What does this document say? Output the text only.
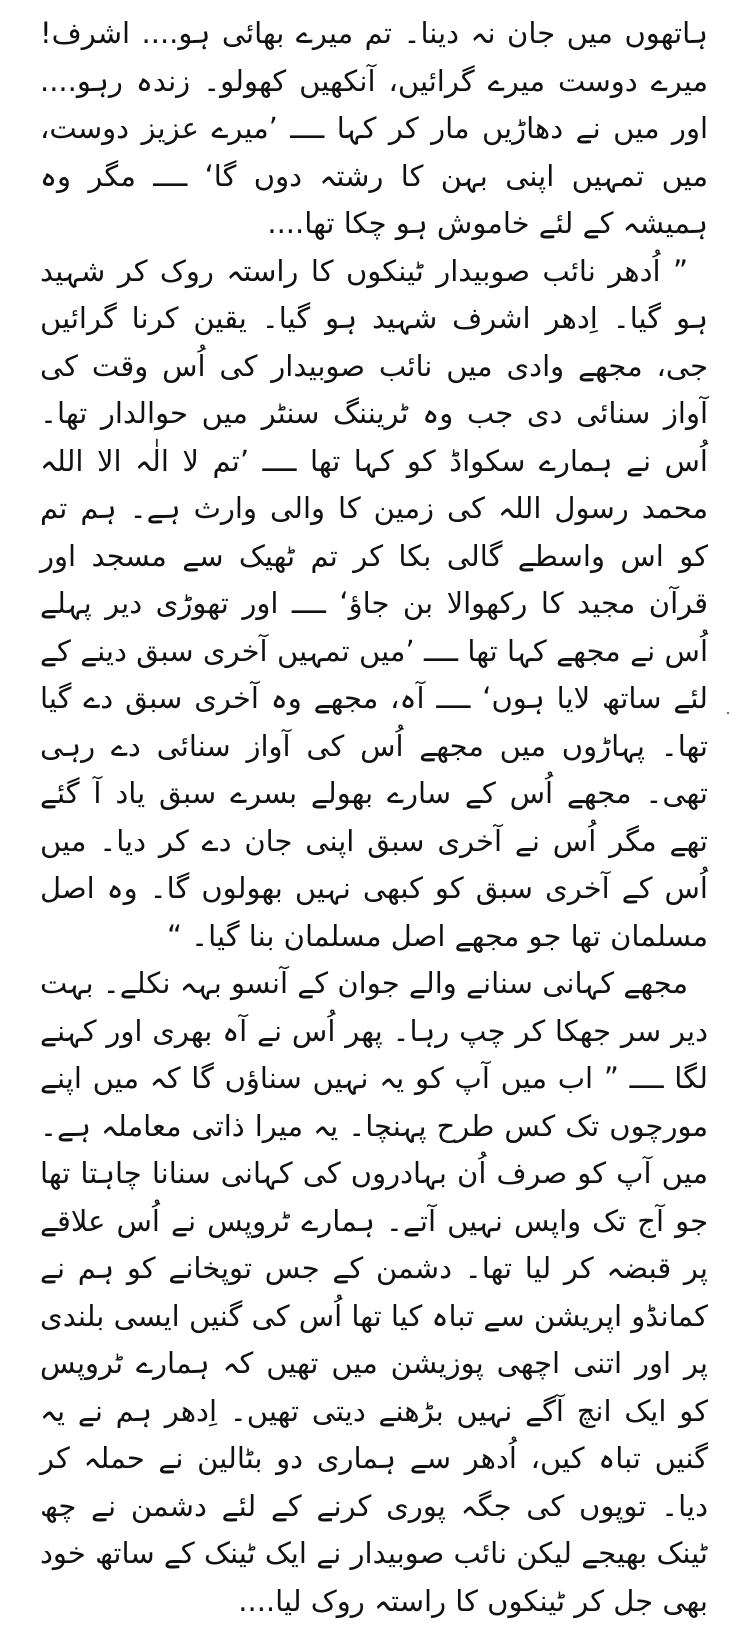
ہاتھوں میں جان نہ دینا۔ تم میرے بھائی ہو.... اشرف! میرے دوست میرے گرائیں، آنکھیں کھولو۔ زندہ رہو.... اور میں نے دھاڑیں مار کر کہا ــــ ’میرے عزیز دوست، میں تمہیں اپنی بہن کا رشتہ دوں گا‘ ــــ مگر وہ ہمیشہ کے لئے خاموش ہو چکا تھا....

” اُدھر نائب صوبیدار ٹینکوں کا راستہ روک کر شہید ہو گیا۔ اِدھر اشرف شہید ہو گیا۔ یقین کرنا گرائیں جی، مجھے وادی میں نائب صوبیدار کی اُس وقت کی آواز سنائی دی جب وہ ٹریننگ سنٹر میں حوالدار تھا۔ اُس نے ہمارے سکواڈ کو کہا تھا ــــ ’تم لا الٰہ الا اللہ محمد رسول اللہ کی زمین کا والی وارث ہے۔ ہم تم کو اس واسطے گالی بکا کر تم ٹھیک سے مسجد اور قرآن مجید کا رکھوالا بن جاؤ‘ ــــ اور تھوڑی دیر پہلے اُس نے مجھے کہا تھا ــــ ’میں تمہیں آخری سبق دینے کے لئے ساتھ لایا ہوں‘ ــــ آہ، مجھے وہ آخری سبق دے گیا تھا۔ پہاڑوں میں مجھے اُس کی آواز سنائی دے رہی تھی۔ مجھے اُس کے سارے بھولے بسرے سبق یاد آ گئے تھے مگر اُس نے آخری سبق اپنی جان دے کر دیا۔ میں اُس کے آخری سبق کو کبھی نہیں بھولوں گا۔ وہ اصل مسلمان تھا جو مجھے اصل مسلمان بنا گیا۔ “

مجھے کہانی سنانے والے جوان کے آنسو بہہ نکلے۔ بہت دیر سر جھکا کر چپ رہا۔ پھر اُس نے آہ بھری اور کہنے لگا ــــ ” اب میں آپ کو یہ نہیں سناؤں گا کہ میں اپنے مورچوں تک کس طرح پہنچا۔ یہ میرا ذاتی معاملہ ہے۔ میں آپ کو صرف اُن بہادروں کی کہانی سنانا چاہتا تھا جو آج تک واپس نہیں آتے۔ ہمارے ٹروپس نے اُس علاقے پر قبضہ کر لیا تھا۔ دشمن کے جس توپخانے کو ہم نے کمانڈو اپریشن سے تباہ کیا تھا اُس کی گنیں ایسی بلندی پر اور اتنی اچھی پوزیشن میں تھیں کہ ہمارے ٹروپس کو ایک انچ آگے نہیں بڑھنے دیتی تھیں۔ اِدھر ہم نے یہ گنیں تباہ کیں، اُدھر سے ہماری دو بٹالین نے حملہ کر دیا۔ توپوں کی جگہ پوری کرنے کے لئے دشمن نے چھ ٹینک بھیجے لیکن نائب صوبیدار نے ایک ٹینک کے ساتھ خود بھی جل کر ٹینکوں کا راستہ روک لیا....
